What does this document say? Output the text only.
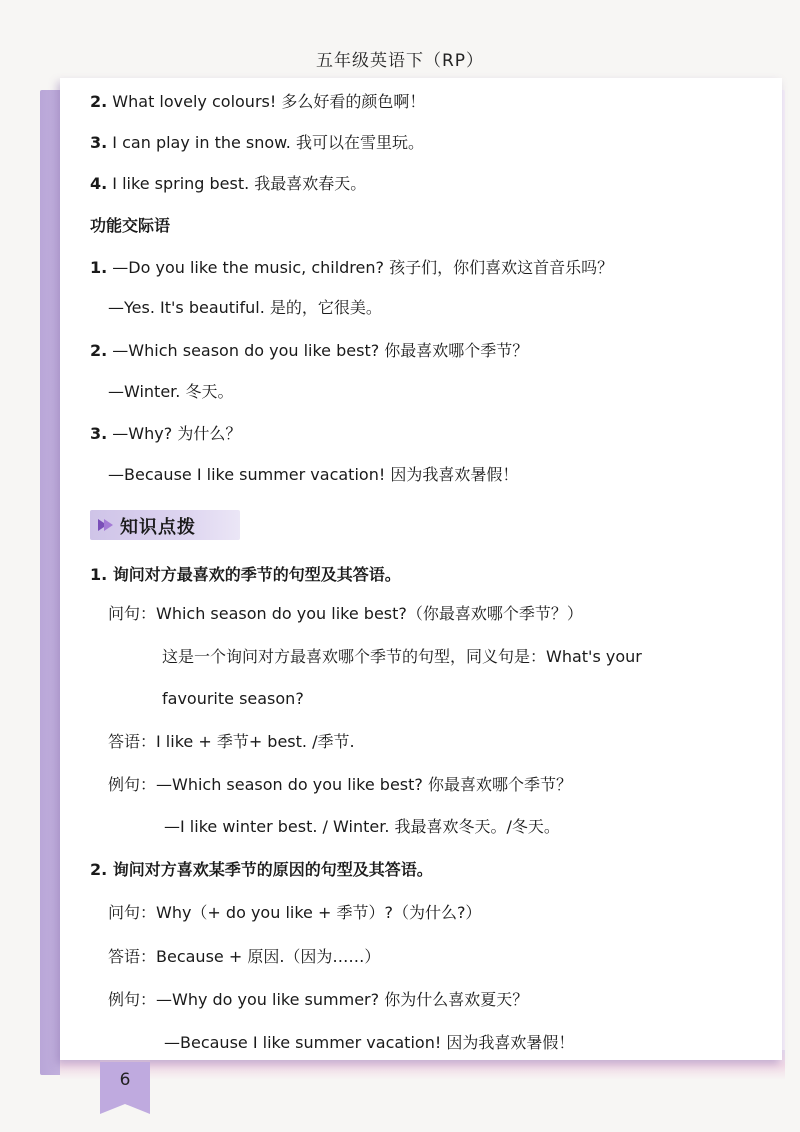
五年级英语下（RP）
2. What lovely colours! 多么好看的颜色啊！
3. I can play in the snow. 我可以在雪里玩。
4. I like spring best. 我最喜欢春天。
功能交际语
1. —Do you like the music, children? 孩子们，你们喜欢这首音乐吗？
—Yes. It's beautiful. 是的，它很美。
2. —Which season do you like best? 你最喜欢哪个季节？
—Winter. 冬天。
3. —Why? 为什么？
—Because I like summer vacation! 因为我喜欢暑假！
知识点拨
1. 询问对方最喜欢的季节的句型及其答语。
问句：Which season do you like best?（你最喜欢哪个季节？）
这是一个询问对方最喜欢哪个季节的句型，同义句是：What's your
favourite season?
答语：I like + 季节+ best. /季节.
例句：—Which season do you like best? 你最喜欢哪个季节？
—I like winter best. / Winter. 我最喜欢冬天。/冬天。
2. 询问对方喜欢某季节的原因的句型及其答语。
问句：Why（+ do you like + 季节）?（为什么?）
答语：Because + 原因.（因为……）
例句：—Why do you like summer? 你为什么喜欢夏天？
—Because I like summer vacation! 因为我喜欢暑假！
6
